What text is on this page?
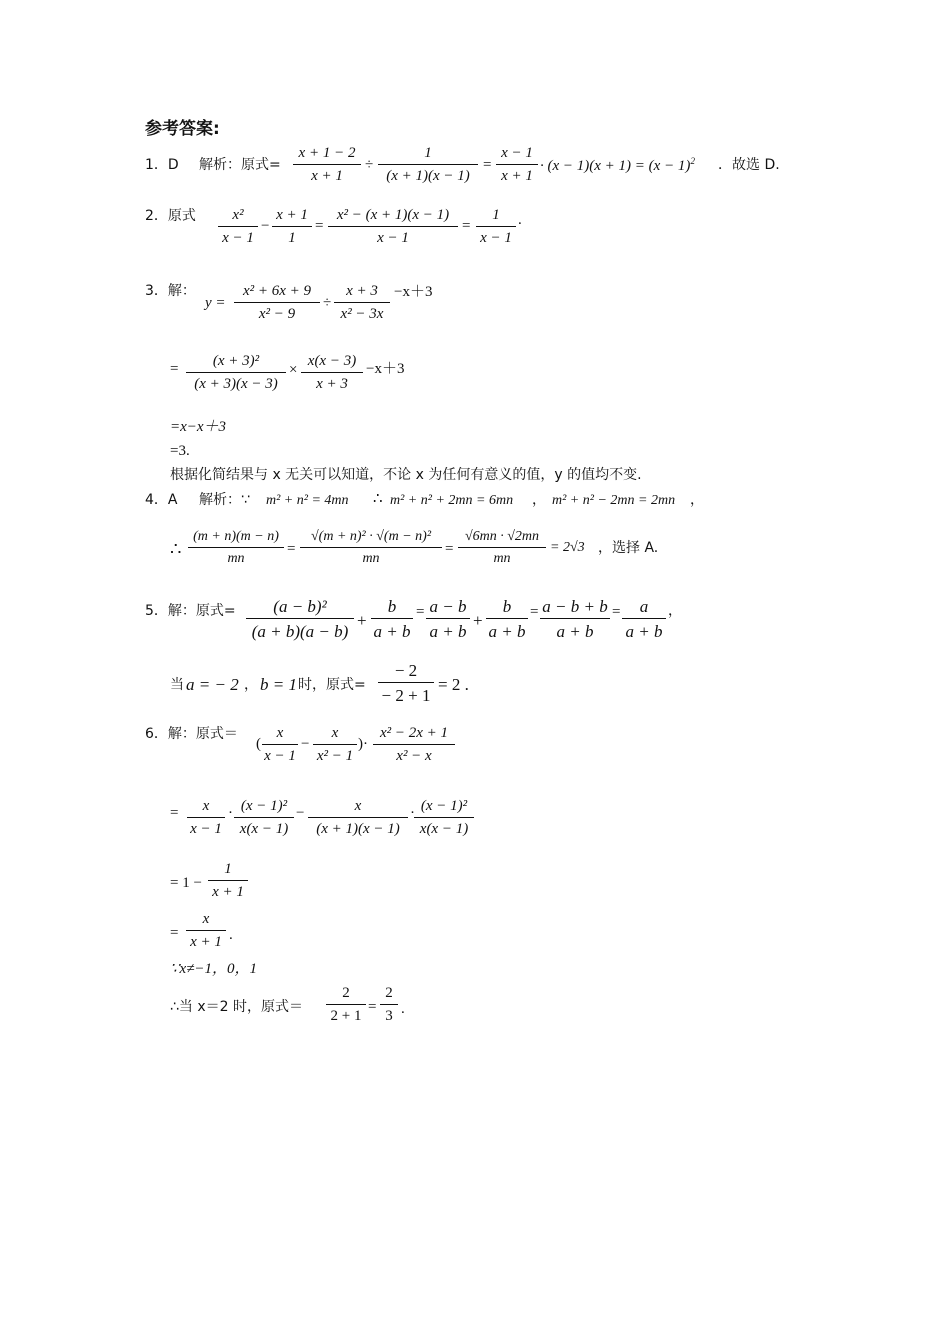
参考答案:
1．D 解析：原式=
x + 1 − 2
x + 1
÷
1
(x + 1)(x − 1)
=
x − 1
x + 1
· $(x - 1)(x + 1) = (x - 1)^2$ ．故选 D.
2．原式	x²
x − 1
−
x + 1
1
=
x² − (x + 1)(x − 1)
x − 1
=
1
x − 1
.
3．解：
y =
x² + 6x + 9
x² − 9
÷
x + 3
x² − 3x
−x＋3
=	(x + 3)²
(x + 3)(x − 3)
×
x(x − 3)
x + 3
−x＋3
=x−x＋3
=3.
根据化简结果与 x 无关可以知道，不论 x 为任何有意义的值，y 的值均不变.
4．A 解析：∵ m² + n² = 4mn ∴ m² + n² + 2mn = 6mn ， m² + n² − 2mn = 2mn ，
∴
(m + n)(m − n)
mn
=
√(m + n)² · √(m − n)²
mn
=
√6mn · √2mn
mn
= 2√3 ，选择 A.
5．解：原式=	(a − b)²
(a + b)(a − b)
+
b
a + b
= a − b
a + b
+
b
a + b
= a − b + b
a + b
=	a
a + b
，
当 a = − 2 ， b = 1 时，原式=
− 2
− 2 + 1
= 2 .
6．解：原式＝
(
x
x − 1
−
x
x² − 1
)·
x² − 2x + 1
x² − x
=	x
x − 1
· (x − 1)²
x(x − 1)
−	x
(x + 1)(x − 1)
· (x − 1)²
x(x − 1)
= 1 −
1
x + 1
=
x
x + 1 .
∵x≠−1，0，1
∴当 x＝2 时，原式＝
2
2 + 1
=
2
3 .
